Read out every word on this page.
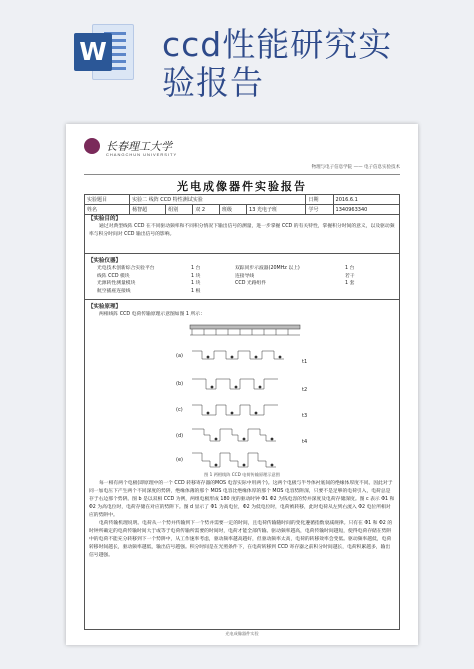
W ccd性能研究实
验报告
长春理工大学
CHANGCHUN UNIVERSITY
物理与电子信息学院 —— 电子信息实验技术
光电成像器件实验报告
实验题目	实验二 线阵 CCD 特性测试实验					日期	2016.6.1
姓名	杨智超	组别	双 2	班级	13 光电子班	学号	1340963340
【实验目的】

通过对典型线阵 CCD 在不同驱动频率和不同积分情况下输出信号的测量，进一步掌握 CCD 的有关特性，掌握积分时间的意义，以及驱动频率与积分时间对 CCD 输出信号的影响。

【实验仪器】
光电技术创新综合实验平台	1 台	双踪同步示波器(20MHz 以上)	1 台
线阵 CCD 模块	1 块	连接导线	若干
光源转性测量模块	1 块	CCD 光路组件	1 套
航空插座连接线	1 根
【实验原理】

两相线阵 CCD 电荷传输原理示意图如图 1 所示：

(a)
(b)
(c)
(d)
(e)
t1
t2
t3
t4
图 1 两相线阵 CCD 电荷传输原理示意图

每一相有两个电极(即原理中的一个 CCD 转移寄存器的MOS 电容实际中用两个)。这两个电极与半导体衬底间的绝缘体厚度不同。因此对于同一加电压下产生两个不同深度的势阱，绝缘体薄的那个 MOS 电容比绝缘体厚的那个 MOS 电容势阱深，只要不是足够的电荷引入，电荷总是存于右边那个势阱。图 b 是以双相 CCD 为例，两组电极形成 180 度的驱动时钟 Φ1 Φ2 为钱电容的势并深度及电荷存储深度。图 c 表示 Φ1 和 Φ2 为高电位时，电荷存储在对应的势阱下。图 d 显示了 Φ1 为高电位，Φ2 为低电位时，电荷被转移，此时电荷从左到右流入 Φ2 电位所相对应的势阱中。

电荷传输机理说明。电荷从一个势并传输到下一个势并需要一定的时间，且电荷传输随时间的变化遵循指数衰减规律。只有在 Φ1 和 Φ2 的时钟所确定的电荷传输时间大于或等于电荷传输所需要的时间时，电荷才能全部传输。驱动频率越高，电荷传输时间越短，使得电荷存储在势阱中的电荷不能充分转移到下一个势阱中，从工作速率考虑，驱动频率越高越好，但驱动频率太高，电荷的转移效率会变低。驱动频率越低，电荷转移时间越长，驱动频率越低，输出信号越强。积分时间是在光照条件下，在电荷转移到 CCD 寄存器之前积分时间越长，电荷积累越多，输出信号越强。

光电成像器件实验
